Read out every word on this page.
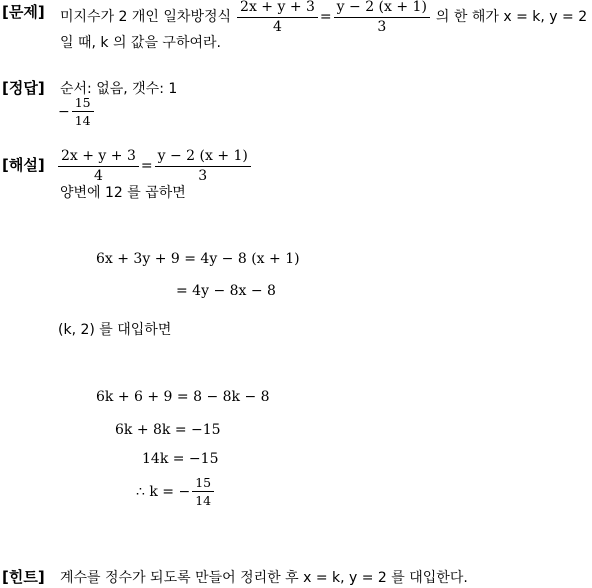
[문제] 미지수가 2 개인 일차방정식 $\frac{2x + y + 3}{4} = \frac{y - 2 (x + 1)}{3}$ 의 한 해가 x = k, y = 2
일 때, k 의 값을 구하여라.
[정답] 순서: 없음, 갯수: 1
− $\frac{15}{14}$
[해설] $\frac{2x + y + 3}{4} = \frac{y - 2 (x + 1)}{3}$
양변에 12 를 곱하면
6x + 3y + 9 = 4y − 8 (x + 1)
= 4y − 8x − 8
(k, 2) 를 대입하면
6k + 6 + 9 = 8 − 8k − 8
6k + 8k = −15
14k = −15
∴ k = − $\frac{15}{14}$
[힌트] 계수를 정수가 되도록 만들어 정리한 후 x = k, y = 2 를 대입한다.
